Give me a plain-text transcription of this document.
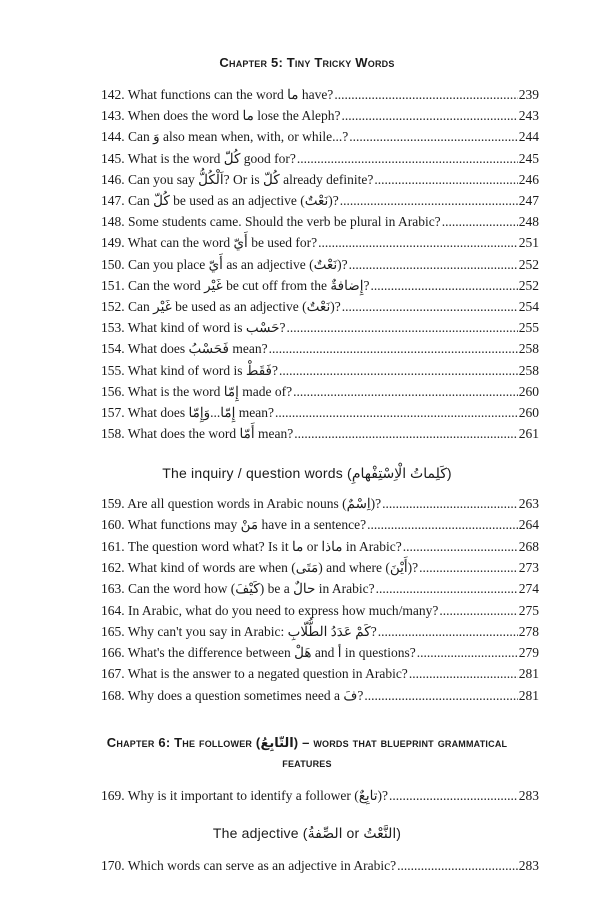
Chapter 5: Tiny Tricky Words
142. What functions can the word ما have? .....	239
143. When does the word ما lose the Aleph? .....	243
144. Can وَ also mean when, with, or while...? .....	244
145. What is the word كُلّ good for? .....	245
146. Can you say اَلْكُلُّ? Or is كُلّ already definite? .....	246
147. Can كُلّ be used as an adjective (نَعْتٌ)? .....	247
148. Some students came. Should the verb be plural in Arabic? .....	248
149. What can the word أَيّ be used for? .....	251
150. Can you place أَيّ as an adjective (نَعْتٌ)? .....	252
151. Can the word غَيْر be cut off from the إِضافةٌ? .....	252
152. Can غَيْر be used as an adjective (نَعْتٌ)? .....	254
153. What kind of word is حَسْب? .....	255
154. What does فَحَسْبُ mean? .....	258
155. What kind of word is فَقَطْ? .....	258
156. What is the word إِمّا made of? .....	260
157. What does إِمّا...وَإِمّا mean? .....	260
158. What does the word أَمّا mean? .....	261
The inquiry / question words (كَلِماتُ الْاِسْتِفْهامِ)
159. Are all question words in Arabic nouns (اِسْمٌ)? .....	263
160. What functions may مَنْ have in a sentence? .....	264
161. The question word what? Is it ما or ماذا in Arabic? .....	268
162. What kind of words are when (مَتَى) and where (أَيْنَ)? .....	273
163. Can the word how (كَيْفَ) be a حالٌ in Arabic? .....	274
164. In Arabic, what do you need to express how much/many? .....	275
165. Why can't you say in Arabic: كَمْ عَدَدُ الطُّلّابِ? .....	278
166. What's the difference between هَلْ and أ in questions? .....	279
167. What is the answer to a negated question in Arabic? .....	281
168. Why does a question sometimes need a فَ? .....	281
Chapter 6: The follower (التّابِعُ) – words that blueprint grammatical
features
169. Why is it important to identify a follower (تابِعٌ)? .....	283
The adjective (الصِّفةُ or النَّعْتُ)
170. Which words can serve as an adjective in Arabic? .....	283
